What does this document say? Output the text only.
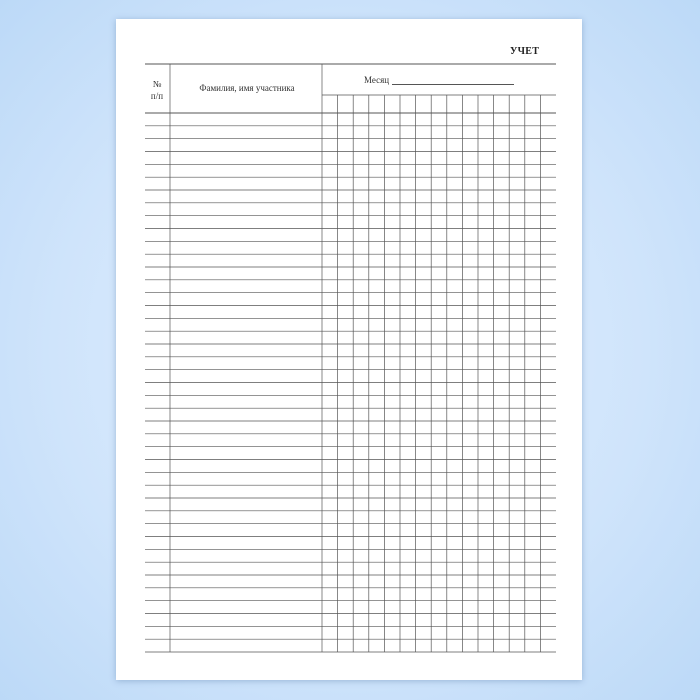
УЧЕТ
№
п/п
Фамилия, имя участника
Месяц
